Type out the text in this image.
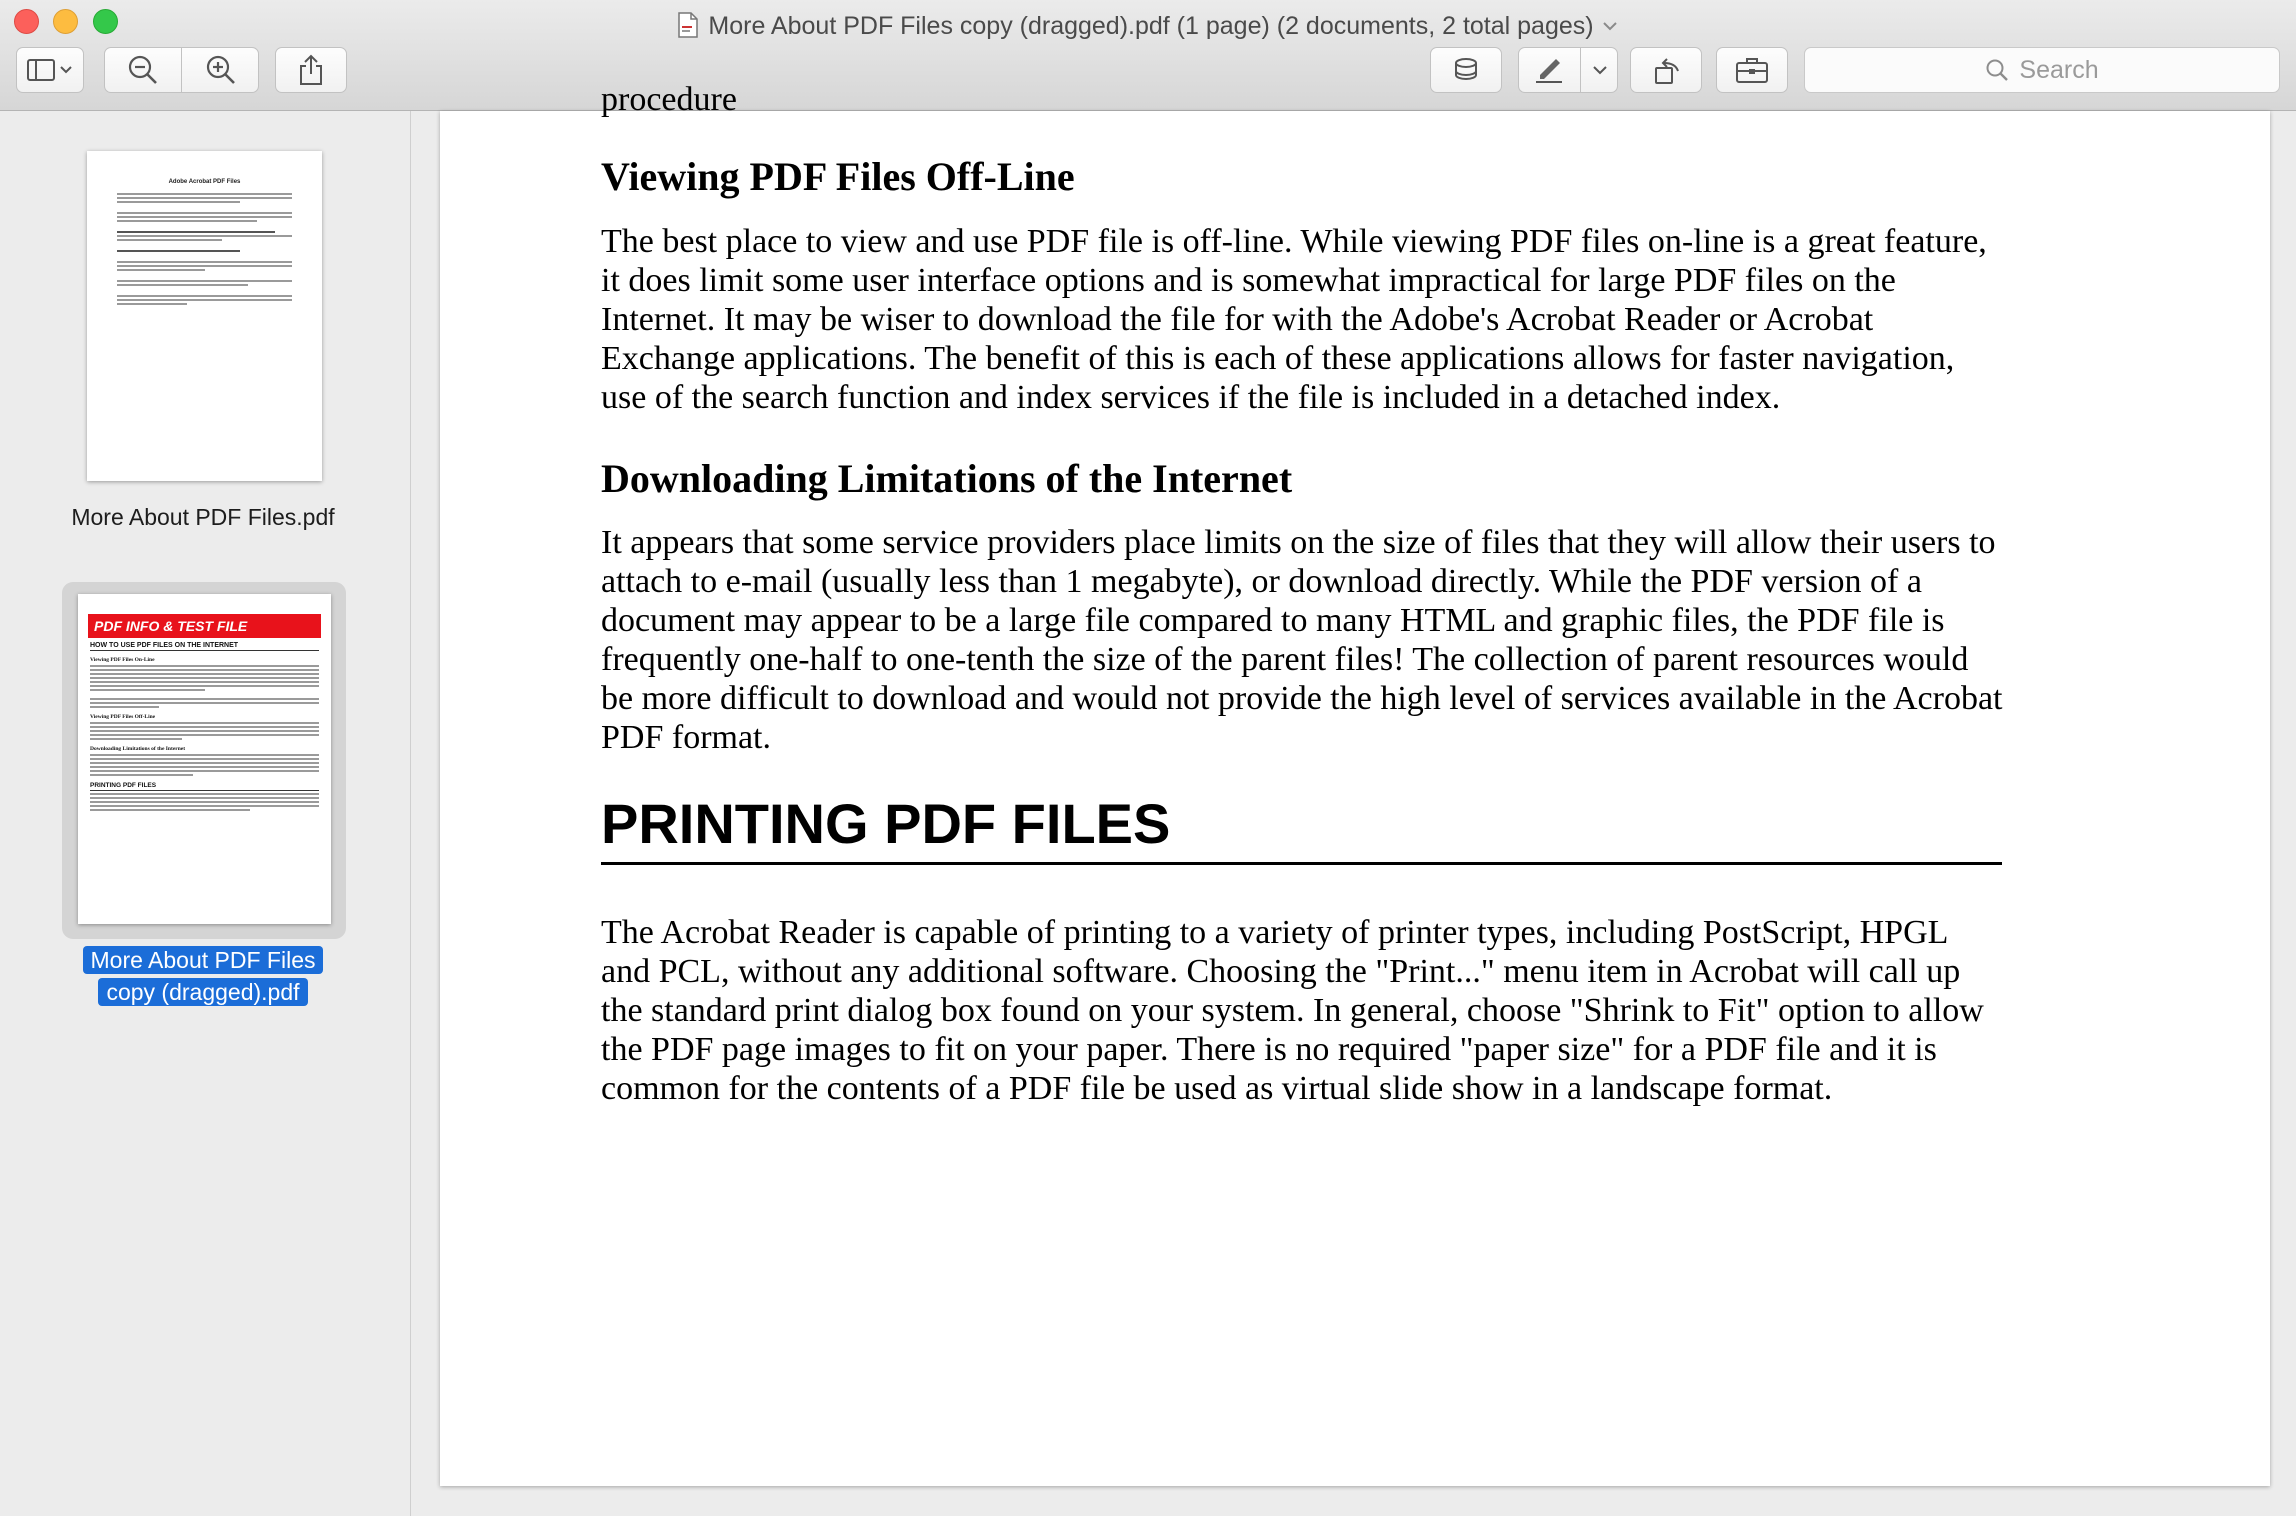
More About PDF Files copy (dragged).pdf (1 page) (2 documents, 2 total pages)
Search
Adobe Acrobat PDF Files
More About PDF Files.pdf
PDF INFO & TEST FILE
HOW TO USE PDF FILES ON THE INTERNET
Viewing PDF Files On-Line
Viewing PDF Files Off-Line
Downloading Limitations of the Internet
PRINTING PDF FILES
More About PDF Files copy (dragged).pdf
procedure
Viewing PDF Files Off-Line
The best place to view and use PDF file is off-line. While viewing PDF files on-line is a great feature, it does limit some user interface options and is somewhat impractical for large PDF files on the Internet. It may be wiser to download the file for with the Adobe's Acrobat Reader or Acrobat Exchange applications. The benefit of this is each of these applications allows for faster navigation, use of the search function and index services if the file is included in a detached index.
Downloading Limitations of the Internet
It appears that some service providers place limits on the size of files that they will allow their users to attach to e-mail (usually less than 1 megabyte), or download directly. While the PDF version of a document may appear to be a large file compared to many HTML and graphic files, the PDF file is frequently one-half to one-tenth the size of the parent files! The collection of parent resources would be more difficult to download and would not provide the high level of services available in the Acrobat PDF format.
PRINTING PDF FILES
The Acrobat Reader is capable of printing to a variety of printer types, including PostScript, HPGL and PCL, without any additional software. Choosing the "Print..." menu item in Acrobat will call up the standard print dialog box found on your system. In general, choose "Shrink to Fit" option to allow the PDF page images to fit on your paper. There is no required "paper size" for a PDF file and it is common for the contents of a PDF file be used as virtual slide show in a landscape format.
